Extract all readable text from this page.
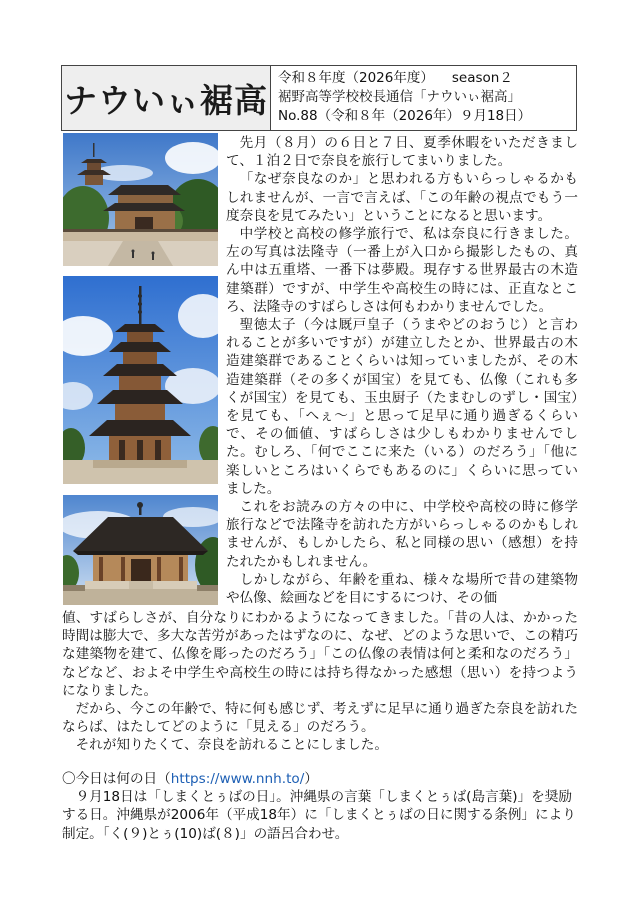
ナウいぃ裾高
令和８年度（2026年度） season２
裾野高等学校校長通信「ナウいぃ裾高」
No.88（令和８年（2026年）９月18日）

先月（８月）の６日と７日、夏季休暇をいただきまして、１泊２日で奈良を旅行してまいりました。

「なぜ奈良なのか」と思われる方もいらっしゃるかもしれませんが、一言で言えば、「この年齢の視点でもう一度奈良を見てみたい」ということになると思います。

中学校と高校の修学旅行で、私は奈良に行きました。左の写真は法隆寺（一番上が入口から撮影したもの、真ん中は五重塔、一番下は夢殿。現存する世界最古の木造建築群）ですが、中学生や高校生の時には、正直なところ、法隆寺のすばらしさは何もわかりませんでした。

聖徳太子（今は厩戸皇子（うまやどのおうじ）と言われることが多いですが）が建立したとか、世界最古の木造建築群であることくらいは知っていましたが、その木造建築群（その多くが国宝）を見ても、仏像（これも多くが国宝）を見ても、玉虫厨子（たまむしのずし・国宝）を見ても、「へぇ～」と思って足早に通り過ぎるくらいで、その価値、すばらしさは少しもわかりませんでした。むしろ、「何でここに来た（いる）のだろう」「他に楽しいところはいくらでもあるのに」くらいに思っていました。

これをお読みの方々の中に、中学校や高校の時に修学旅行などで法隆寺を訪れた方がいらっしゃるのかもしれませんが、もしかしたら、私と同様の思い（感想）を持たれたかもしれません。

しかしながら、年齢を重ね、様々な場所で昔の建築物や仏像、絵画などを目にするにつけ、その価

値、すばらしさが、自分なりにわかるようになってきました。「昔の人は、かかった時間は膨大で、多大な苦労があったはずなのに、なぜ、どのような思いで、この精巧な建築物を建て、仏像を彫ったのだろう」「この仏像の表情は何と柔和なのだろう」などなど、およそ中学生や高校生の時には持ち得なかった感想（思い）を持つようになりました。

だから、今この年齢で、特に何も感じず、考えずに足早に通り過ぎた奈良を訪れたならば、はたしてどのように「見える」のだろう。

それが知りたくて、奈良を訪れることにしました。

〇今日は何の日（https://www.nnh.to/）

９月18日は「しまくとぅばの日」。沖縄県の言葉「しまくとぅば(島言葉)」を奨励する日。沖縄県が2006年（平成18年）に「しまくとぅばの日に関する条例」により制定。「く(９)とぅ(10)ば(８)」の語呂合わせ。
